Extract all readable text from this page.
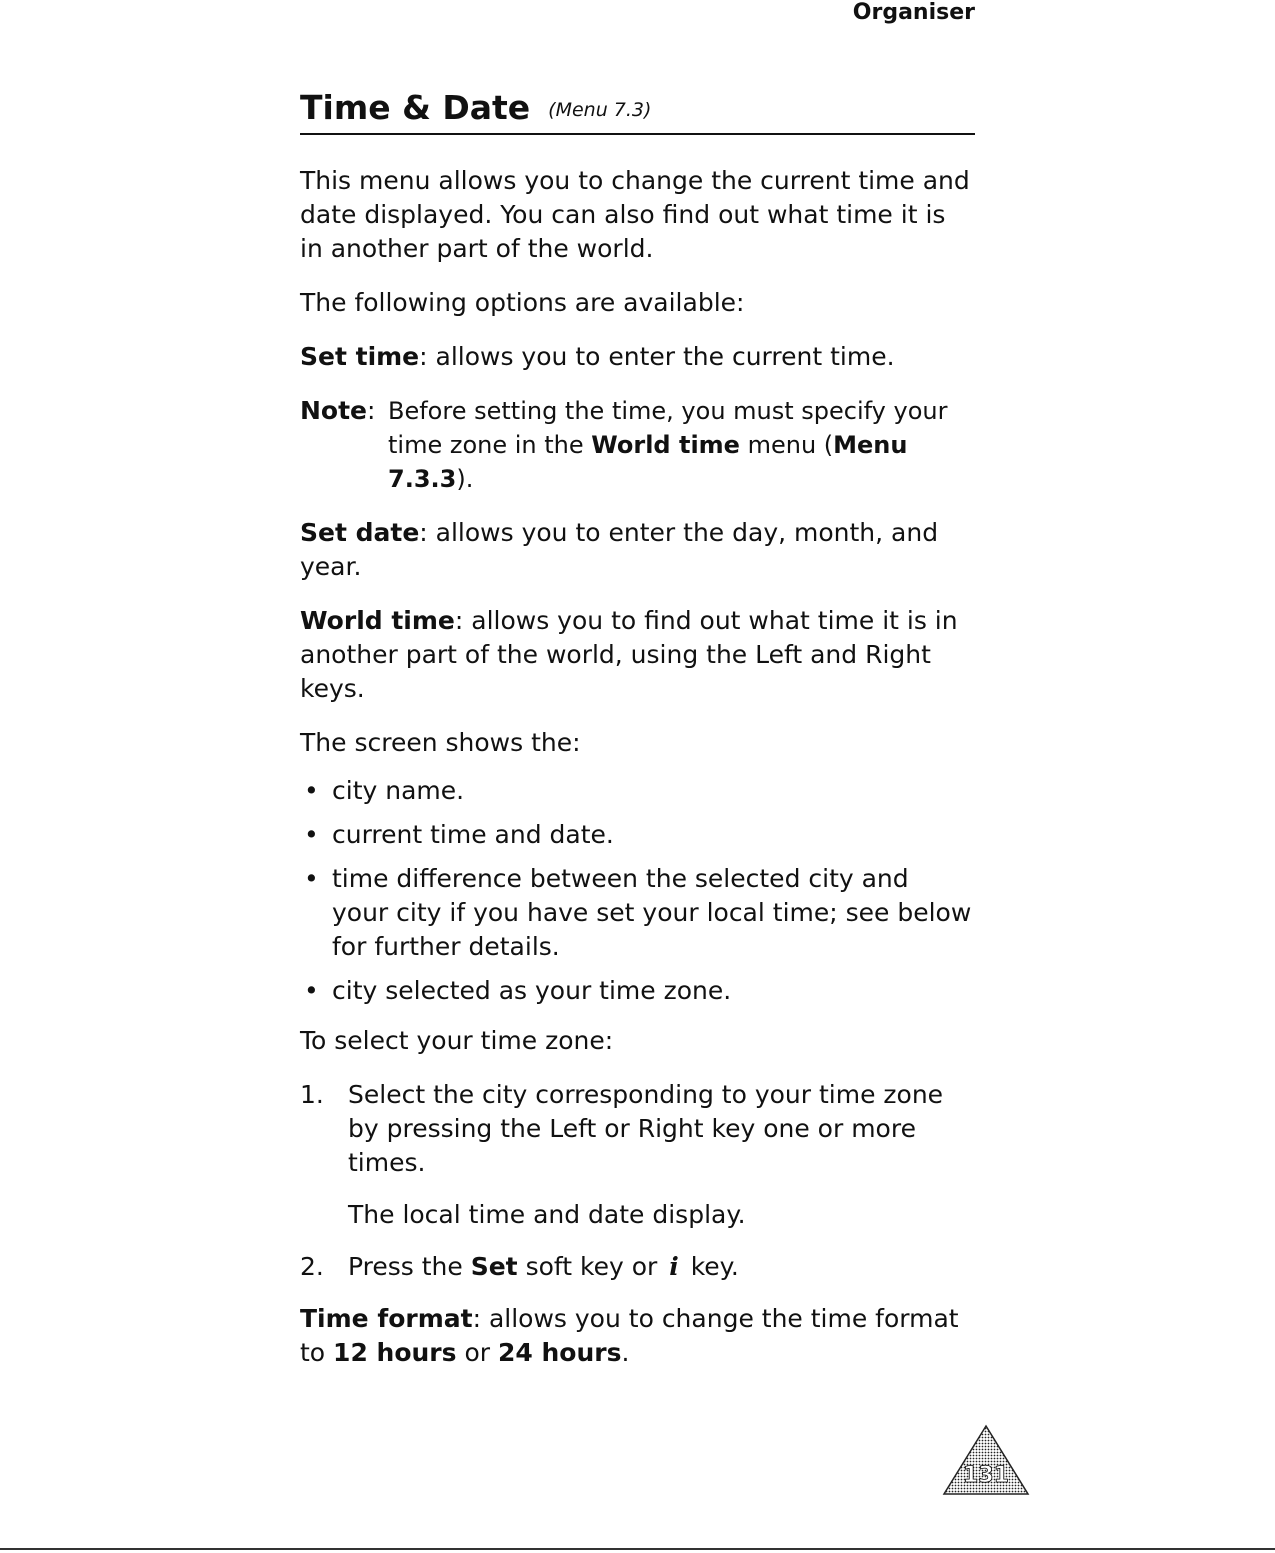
Organiser
Time & Date (Menu 7.3)

This menu allows you to change the current time and date displayed. You can also find out what time it is in another part of the world.

The following options are available:

Set time: allows you to enter the current time.

Note: Before setting the time, you must specify your time zone in the World time menu (Menu 7.3.3).

Set date: allows you to enter the day, month, and year.

World time: allows you to find out what time it is in another part of the world, using the Left and Right keys.

The screen shows the:

• city name.
• current time and date.
• time difference between the selected city and your city if you have set your local time; see below for further details.
• city selected as your time zone.

To select your time zone:

1. Select the city corresponding to your time zone by pressing the Left or Right key one or more times.
The local time and date display.
2. Press the Set soft key or i key.

Time format: allows you to change the time format to 12 hours or 24 hours.

131
